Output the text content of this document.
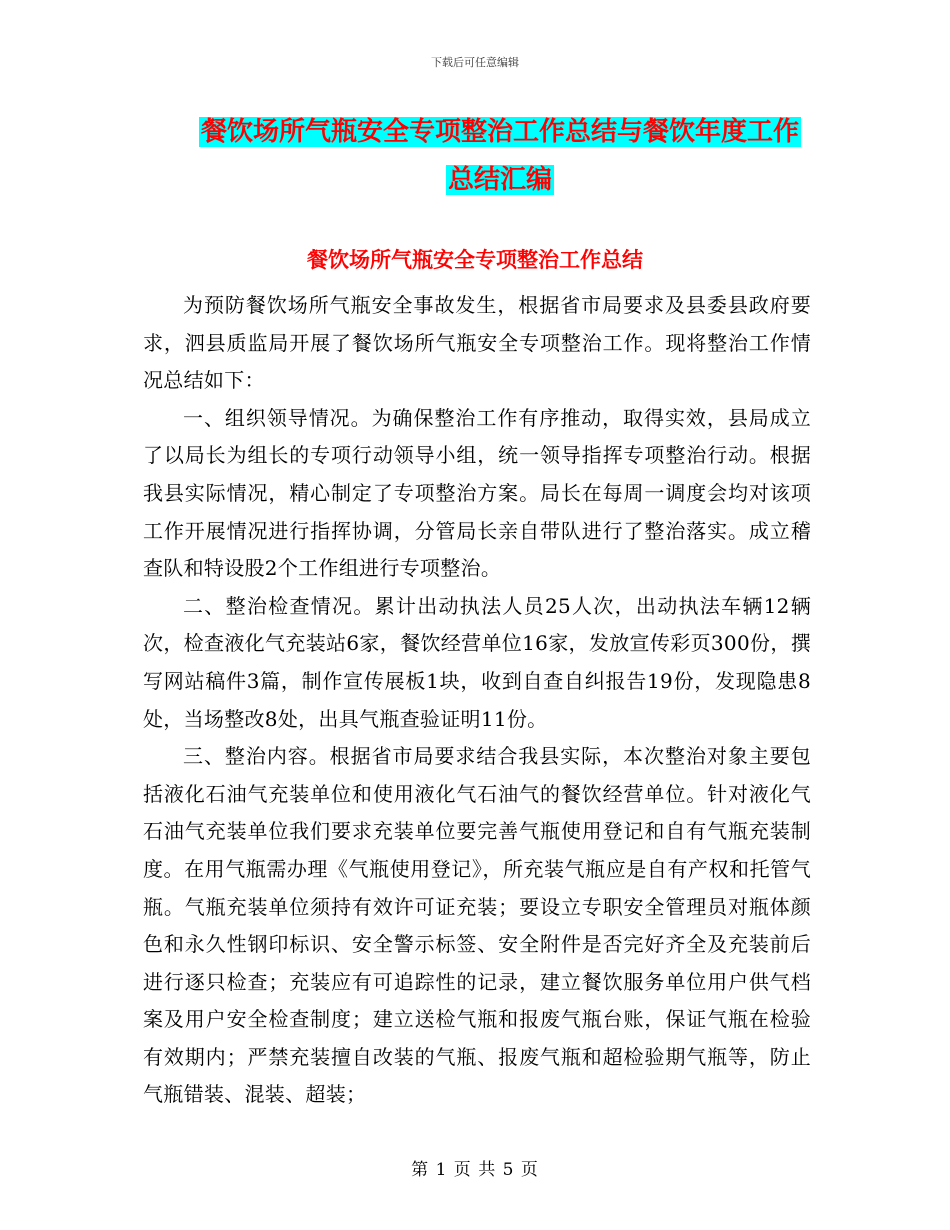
下载后可任意编辑
餐饮场所气瓶安全专项整治工作总结与餐饮年度工作
总结汇编
餐饮场所气瓶安全专项整治工作总结

为预防餐饮场所气瓶安全事故发生，根据省市局要求及县委县政府要求，泗县质监局开展了餐饮场所气瓶安全专项整治工作。现将整治工作情况总结如下：

一、组织领导情况。为确保整治工作有序推动，取得实效，县局成立了以局长为组长的专项行动领导小组，统一领导指挥专项整治行动。根据我县实际情况，精心制定了专项整治方案。局长在每周一调度会均对该项工作开展情况进行指挥协调，分管局长亲自带队进行了整治落实。成立稽查队和特设股2个工作组进行专项整治。

二、整治检查情况。累计出动执法人员25人次，出动执法车辆12辆次，检查液化气充装站6家，餐饮经营单位16家，发放宣传彩页300份，撰写网站稿件3篇，制作宣传展板1块，收到自查自纠报告19份，发现隐患8处，当场整改8处，出具气瓶查验证明11份。

三、整治内容。根据省市局要求结合我县实际，本次整治对象主要包括液化石油气充装单位和使用液化气石油气的餐饮经营单位。针对液化气石油气充装单位我们要求充装单位要完善气瓶使用登记和自有气瓶充装制度。在用气瓶需办理《气瓶使用登记》，所充装气瓶应是自有产权和托管气瓶。气瓶充装单位须持有效许可证充装；要设立专职安全管理员对瓶体颜色和永久性钢印标识、安全警示标签、安全附件是否完好齐全及充装前后进行逐只检查；充装应有可追踪性的记录，建立餐饮服务单位用户供气档案及用户安全检查制度；建立送检气瓶和报废气瓶台账，保证气瓶在检验有效期内；严禁充装擅自改装的气瓶、报废气瓶和超检验期气瓶等，防止气瓶错装、混装、超装；

第 1 页 共 5 页
